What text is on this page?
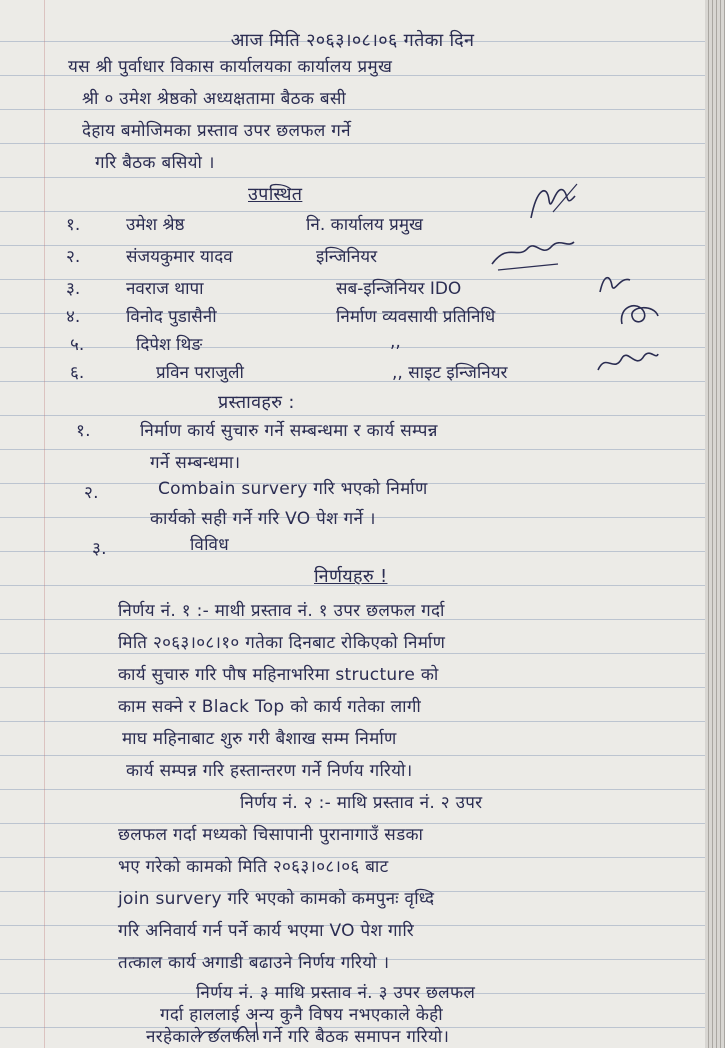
आज मिति २०६३।०८।०६ गतेका दिन
यस श्री पुर्वाधार विकास कार्यालयका कार्यालय प्रमुख
श्री ० उमेश श्रेष्ठको अध्यक्षतामा बैठक बसी
देहाय बमोजिमका प्रस्ताव उपर छलफल गर्ने
गरि बैठक बसियो ।
उपस्थित
१.	उमेश श्रेष्ठ	नि. कार्यालय प्रमुख
२.	संजयकुमार यादव	इन्जिनियर
३.	नवराज थापा	सब-इन्जिनियर IDO
४.	विनोद पुडासैनी	निर्माण व्यवसायी प्रतिनिधि
५.	दिपेश थिङ	,,
६.	प्रविन पराजुली	,, साइट इन्जिनियर
प्रस्तावहरु :
१.	निर्माण कार्य सुचारु गर्ने सम्बन्धमा र कार्य सम्पन्न
गर्ने सम्बन्धमा।
२.	Combain survery गरि भएको निर्माण
कार्यको सही गर्ने गरि VO पेश गर्ने ।
३.	विविध
निर्णयहरु !
निर्णय नं. १ :- माथी प्रस्ताव नं. १ उपर छलफल गर्दा
मिति २०६३।०८।१० गतेका दिनबाट रोकिएको निर्माण
कार्य सुचारु गरि पौष महिनाभरिमा structure को
काम सक्ने र Black Top को कार्य गतेका लागी
माघ महिनाबाट शुरु गरी बैशाख सम्म निर्माण
कार्य सम्पन्न गरि हस्तान्तरण गर्ने निर्णय गरियो।
निर्णय नं. २ :- माथि प्रस्ताव नं. २ उपर
छलफल गर्दा मध्यको चिसापानी पुरानागाउँ सडका
भए गरेको कामको मिति २०६३।०८।०६ बाट
join survery गरि भएको कामको कमपुनः वृध्दि
गरि अनिवार्य गर्न पर्ने कार्य भएमा VO पेश गारि
तत्काल कार्य अगाडी बढाउने निर्णय गरियो ।
निर्णय नं. ३ माथि प्रस्ताव नं. ३ उपर छलफल
गर्दा हाललाई अन्य कुनै विषय नभएकाले केही
नरहेकाले छलफल गर्ने गरि बैठक समापन गरियो।
